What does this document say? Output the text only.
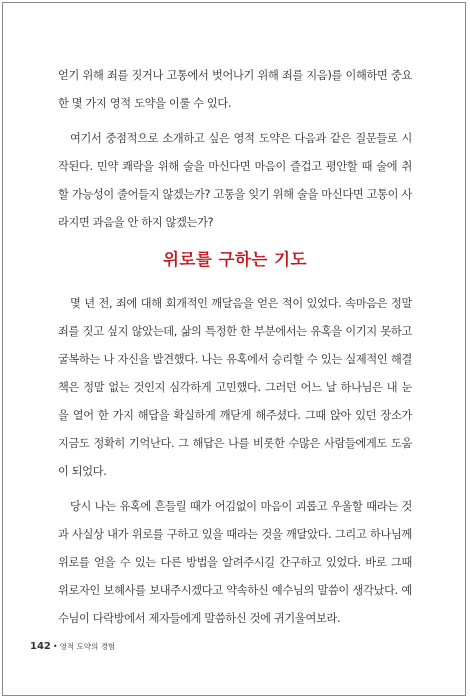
얻기 위해 죄를 짓거나 고통에서 벗어나기 위해 죄를 지음)를 이해하면 중요한 몇 가지 영적 도약을 이룰 수 있다.

여기서 중점적으로 소개하고 싶은 영적 도약은 다음과 같은 질문들로 시작된다. 민약 쾌락을 위해 술을 마신다면 마음이 즐겁고 평안할 때 술에 취할 가능성이 줄어들지 않겠는가? 고통을 잊기 위해 술을 마신다면 고통이 사라지면 과음을 안 하지 않겠는가?

위로를 구하는 기도

몇 년 전, 죄에 대해 회개적인 깨달음을 얻은 적이 있었다. 속마음은 정말 죄를 짓고 싶지 않았는데, 삶의 특정한 한 부분에서는 유혹을 이기지 못하고 굴복하는 나 자신을 발견했다. 나는 유혹에서 승리할 수 있는 실제적인 해결책은 정말 없는 것인지 심각하게 고민했다. 그러던 어느 날 하나님은 내 눈을 열어 한 가지 해답을 확실하게 깨닫게 해주셨다. 그때 앉아 있던 장소가 지금도 정확히 기억난다. 그 해답은 나를 비롯한 수많은 사람들에게도 도움이 되었다.

당시 나는 유혹에 흔들릴 때가 어김없이 마음이 괴롭고 우울할 때라는 것과 사실상 내가 위로를 구하고 있을 때라는 것을 깨달았다. 그리고 하나님께 위로를 얻을 수 있는 다른 방법을 알려주시길 간구하고 있었다. 바로 그때 위로자인 보혜사를 보내주시겠다고 약속하신 예수님의 말씀이 생각났다. 예수님이 다락방에서 제자들에게 말씀하신 것에 귀기울여보라.

142 • 영적 도약의 경험
